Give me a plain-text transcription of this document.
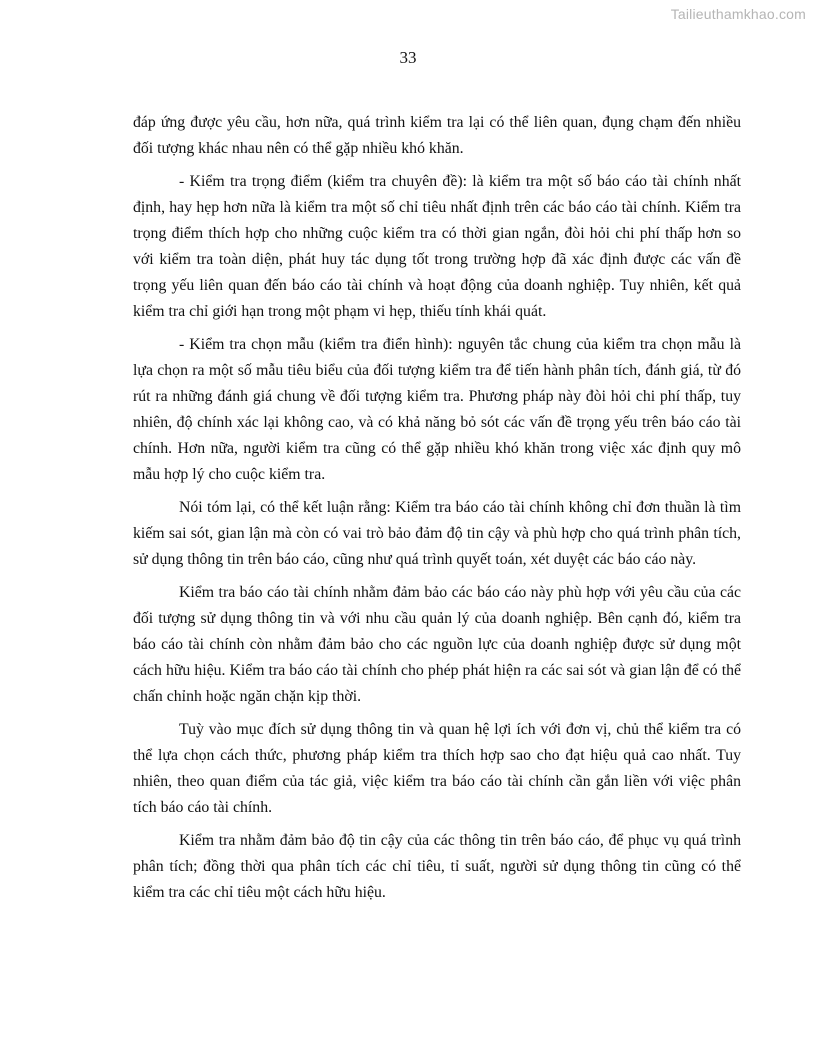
Tailieuthamkhao.com
33

đáp ứng được yêu cầu, hơn nữa, quá trình kiểm tra lại có thể liên quan, đụng chạm đến nhiều đối tượng khác nhau nên có thể gặp nhiều khó khăn.

- Kiểm tra trọng điểm (kiểm tra chuyên đề): là kiểm tra một số báo cáo tài chính nhất định, hay hẹp hơn nữa là kiểm tra một số chỉ tiêu nhất định trên các báo cáo tài chính. Kiểm tra trọng điểm thích hợp cho những cuộc kiểm tra có thời gian ngắn, đòi hỏi chi phí thấp hơn so với kiểm tra toàn diện, phát huy tác dụng tốt trong trường hợp đã xác định được các vấn đề trọng yếu liên quan đến báo cáo tài chính và hoạt động của doanh nghiệp. Tuy nhiên, kết quả kiểm tra chỉ giới hạn trong một phạm vi hẹp, thiếu tính khái quát.

- Kiểm tra chọn mẫu (kiểm tra điển hình): nguyên tắc chung của kiểm tra chọn mẫu là lựa chọn ra một số mẫu tiêu biểu của đối tượng kiểm tra để tiến hành phân tích, đánh giá, từ đó rút ra những đánh giá chung về đối tượng kiểm tra. Phương pháp này đòi hỏi chi phí thấp, tuy nhiên, độ chính xác lại không cao, và có khả năng bỏ sót các vấn đề trọng yếu trên báo cáo tài chính. Hơn nữa, người kiểm tra cũng có thể gặp nhiều khó khăn trong việc xác định quy mô mẫu hợp lý cho cuộc kiểm tra.

Nói tóm lại, có thể kết luận rằng: Kiểm tra báo cáo tài chính không chỉ đơn thuần là tìm kiếm sai sót, gian lận mà còn có vai trò bảo đảm độ tin cậy và phù hợp cho quá trình phân tích, sử dụng thông tin trên báo cáo, cũng như quá trình quyết toán, xét duyệt các báo cáo này.

Kiểm tra báo cáo tài chính nhằm đảm bảo các báo cáo này phù hợp với yêu cầu của các đối tượng sử dụng thông tin và với nhu cầu quản lý của doanh nghiệp. Bên cạnh đó, kiểm tra báo cáo tài chính còn nhằm đảm bảo cho các nguồn lực của doanh nghiệp được sử dụng một cách hữu hiệu. Kiểm tra báo cáo tài chính cho phép phát hiện ra các sai sót và gian lận để có thể chấn chỉnh hoặc ngăn chặn kịp thời.

Tuỳ vào mục đích sử dụng thông tin và quan hệ lợi ích với đơn vị, chủ thể kiểm tra có thể lựa chọn cách thức, phương pháp kiểm tra thích hợp sao cho đạt hiệu quả cao nhất. Tuy nhiên, theo quan điểm của tác giả, việc kiểm tra báo cáo tài chính cần gắn liền với việc phân tích báo cáo tài chính.

Kiểm tra nhằm đảm bảo độ tin cậy của các thông tin trên báo cáo, để phục vụ quá trình phân tích; đồng thời qua phân tích các chỉ tiêu, tỉ suất, người sử dụng thông tin cũng có thể kiểm tra các chỉ tiêu một cách hữu hiệu.
